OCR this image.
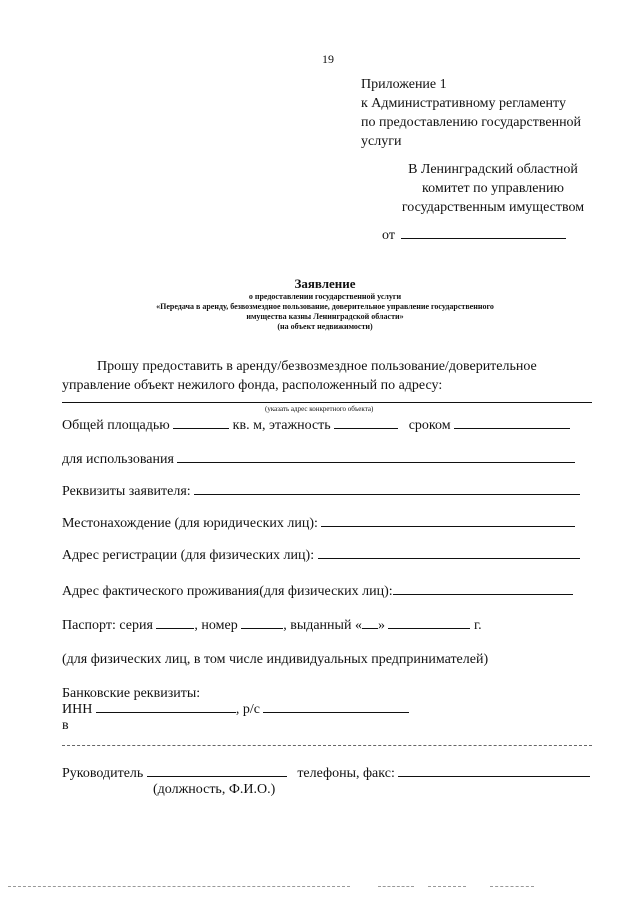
19
Приложение 1
к Административному регламенту
по предоставлению государственной
услуги
В Ленинградский областной
комитет по управлению
государственным имуществом
от
Заявление
о предоставлении государственной услуги
«Передача в аренду, безвозмездное пользование, доверительное управление государственного
имущества казны Ленинградской области»
(на объект недвижимости)
Прошу предоставить в аренду/безвозмездное пользование/доверительное
управление объект нежилого фонда, расположенный по адресу:
(указать адрес конкретного объекта)
Общей площадью	кв. м, этажность	сроком
для использования
Реквизиты заявителя:
Местонахождение (для юридических лиц):
Адрес регистрации (для физических лиц):
Адрес фактического проживания(для физических лиц):
Паспорт: серия	, номер	, выданный « »	г.
(для физических лиц, в том числе индивидуальных предпринимателей)
Банковские реквизиты:
ИНН	, р/с
в
Руководитель	телефоны, факс:
(должность, Ф.И.О.)
